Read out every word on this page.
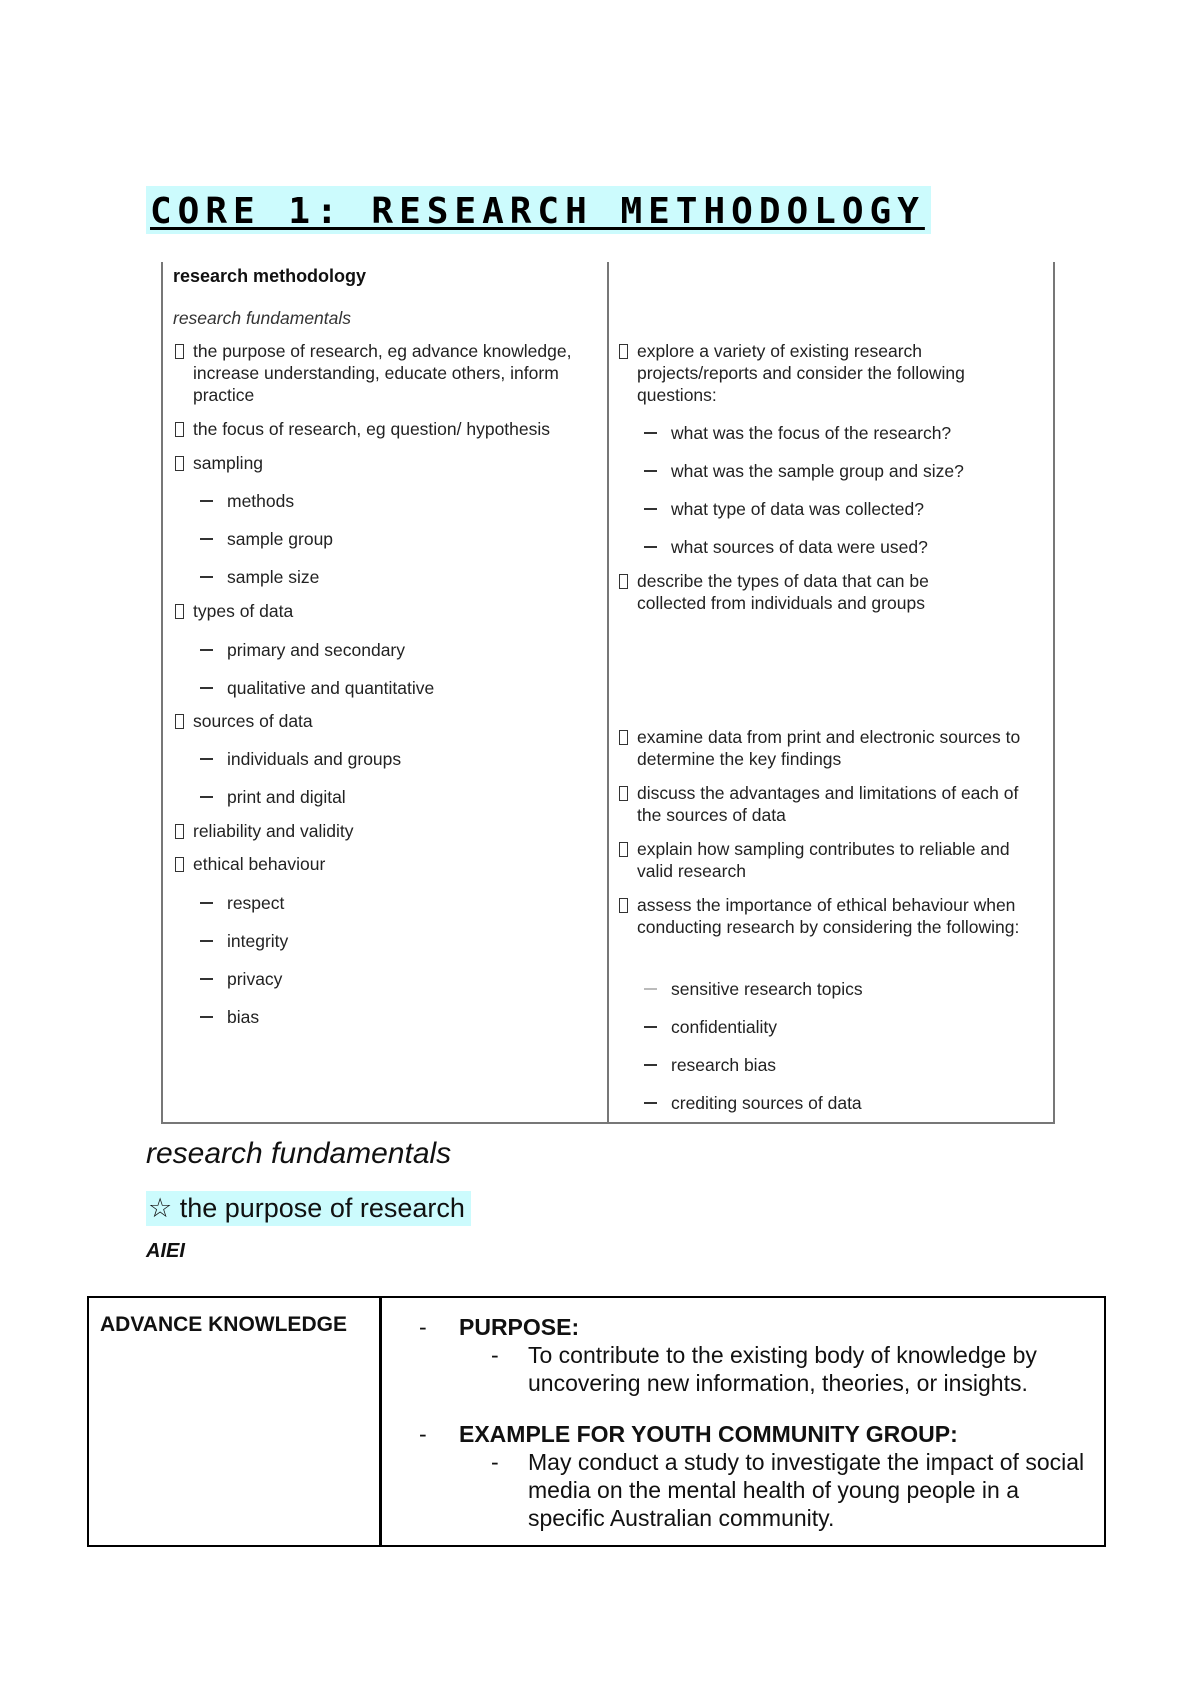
CORE 1: RESEARCH METHODOLOGY
research methodology
research fundamentals
the purpose of research, eg advance knowledge, increase understanding, educate others, inform practice
the focus of research, eg question/ hypothesis
sampling
methods
sample group
sample size
types of data
primary and secondary
qualitative and quantitative
sources of data
individuals and groups
print and digital
reliability and validity
ethical behaviour
respect
integrity
privacy
bias
explore a variety of existing research projects/reports and consider the following questions:
what was the focus of the research?
what was the sample group and size?
what type of data was collected?
what sources of data were used?
describe the types of data that can be collected from individuals and groups
examine data from print and electronic sources to determine the key findings
discuss the advantages and limitations of each of the sources of data
explain how sampling contributes to reliable and valid research
assess the importance of ethical behaviour when conducting research by considering the following:
sensitive research topics
confidentiality
research bias
crediting sources of data
research fundamentals
☆ the purpose of research
AIEI
ADVANCE KNOWLEDGE	-	PURPOSE:
-	To contribute to the existing body of knowledge by uncovering new information, theories, or insights.
-	EXAMPLE FOR YOUTH COMMUNITY GROUP:
-	May conduct a study to investigate the impact of social media on the mental health of young people in a specific Australian community.
